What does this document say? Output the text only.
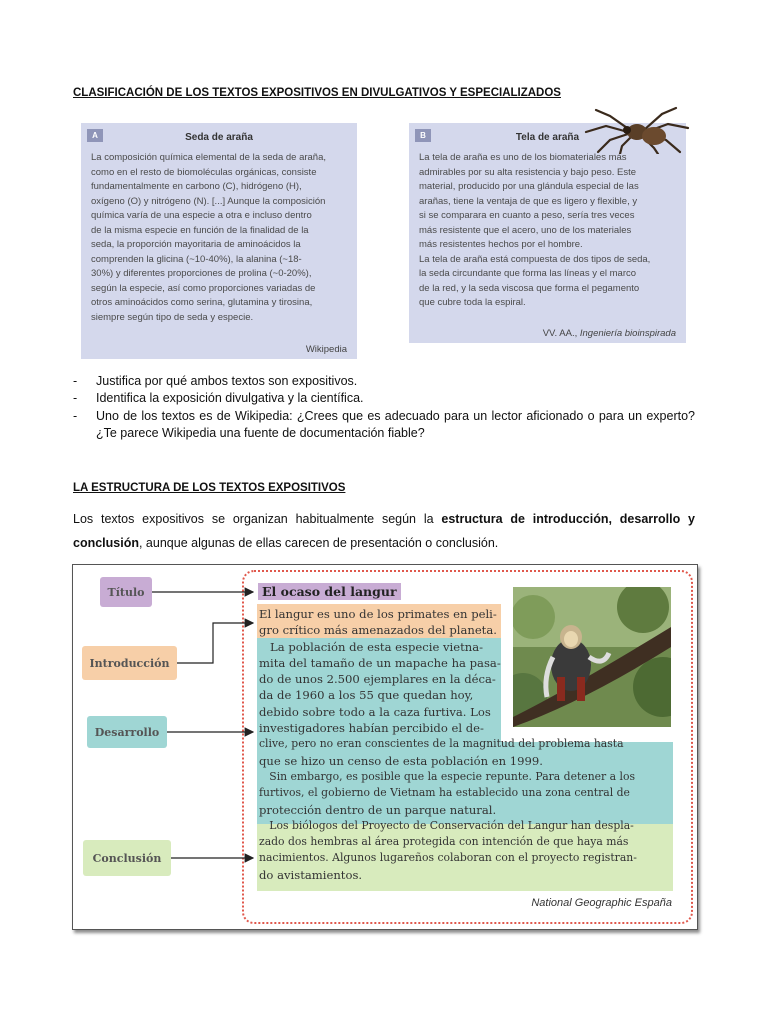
CLASIFICACIÓN DE LOS TEXTOS EXPOSITIVOS EN DIVULGATIVOS Y ESPECIALIZADOS
A	Seda de araña

La composición química elemental de la seda de araña,

como en el resto de biomoléculas orgánicas, consiste

fundamentalmente en carbono (C), hidrógeno (H),

oxígeno (O) y nitrógeno (N). [...] Aunque la composición

química varía de una especie a otra e incluso dentro

de la misma especie en función de la finalidad de la

seda, la proporción mayoritaria de aminoácidos la

comprenden la glicina (~10-40%), la alanina (~18-

30%) y diferentes proporciones de prolina (~0-20%),

según la especie, así como proporciones variadas de

otros aminoácidos como serina, glutamina y tirosina,

siempre según tipo de seda y especie.

Wikipedia
B	Tela de araña

La tela de araña es uno de los biomateriales más

admirables por su alta resistencia y bajo peso. Este

material, producido por una glándula especial de las

arañas, tiene la ventaja de que es ligero y flexible, y

si se comparara en cuanto a peso, sería tres veces

más resistente que el acero, uno de los materiales

más resistentes hechos por el hombre.

La tela de araña está compuesta de dos tipos de seda,

la seda circundante que forma las líneas y el marco

de la red, y la seda viscosa que forma el pegamento

que cubre toda la espiral.

VV. AA., Ingeniería bioinspirada
-	Justifica por qué ambos textos son expositivos.
-	Identifica la exposición divulgativa y la científica.
-	Uno de los textos es de Wikipedia: ¿Crees que es adecuado para un lector aficionado o para un experto? ¿Te parece Wikipedia una fuente de documentación fiable?
LA ESTRUCTURA DE LOS TEXTOS EXPOSITIVOS
Los textos expositivos se organizan habitualmente según la estructura de introducción, desarrollo y conclusión, aunque algunas de ellas carecen de presentación o conclusión.
Título
Introducción
Desarrollo
Conclusión
El ocaso del langur
El langur es uno de los primates en peli-
gro crítico más amenazados del planeta.
La población de esta especie vietna-
mita del tamaño de un mapache ha pasa-
do de unos 2.500 ejemplares en la déca-
da de 1960 a los 55 que quedan hoy,
debido sobre todo a la caza furtiva. Los
investigadores habían percibido el de-
clive, pero no eran conscientes de la magnitud del problema hasta
que se hizo un censo de esta población en 1999.
Sin embargo, es posible que la especie repunte. Para detener a los
furtivos, el gobierno de Vietnam ha establecido una zona central de
protección dentro de un parque natural.
Los biólogos del Proyecto de Conservación del Langur han despla-
zado dos hembras al área protegida con intención de que haya más
nacimientos. Algunos lugareños colaboran con el proyecto registran-
do avistamientos.
National Geographic España
